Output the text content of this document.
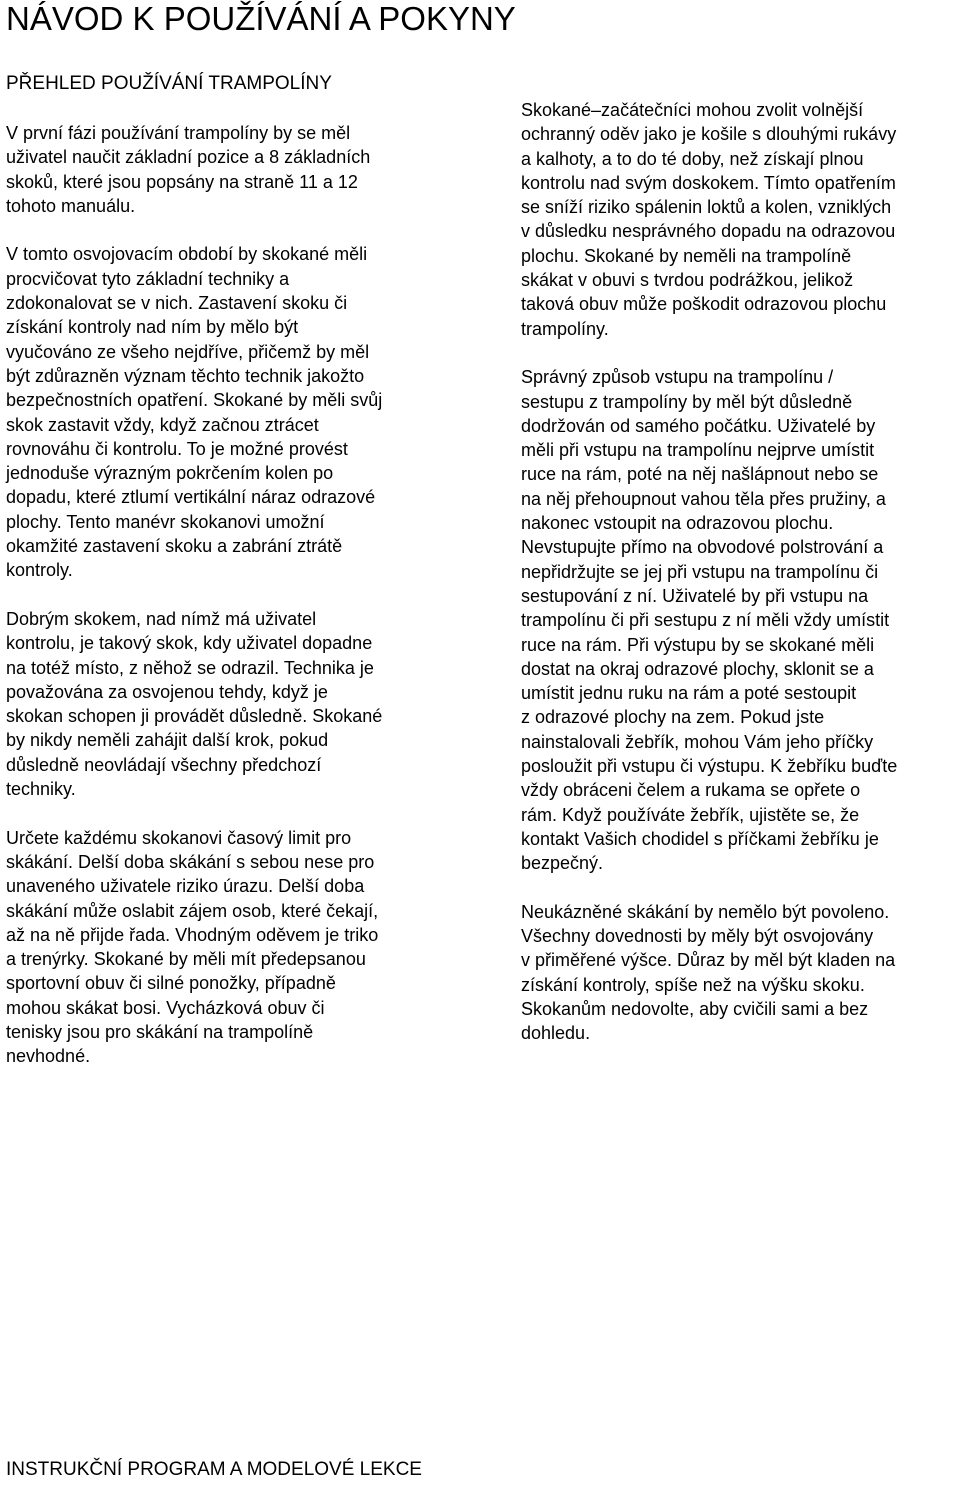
NÁVOD K POUŽÍVÁNÍ A POKYNY
PŘEHLED POUŽÍVÁNÍ TRAMPOLÍNY
V první fázi používání trampolíny by se měl
uživatel naučit základní pozice a 8 základních
skoků, které jsou popsány na straně 11 a 12
tohoto manuálu.
V tomto osvojovacím období by skokané měli
procvičovat tyto základní techniky a
zdokonalovat se v nich. Zastavení skoku či
získání kontroly nad ním by mělo být
vyučováno ze všeho nejdříve, přičemž by měl
být zdůrazněn význam těchto technik jakožto
bezpečnostních opatření. Skokané by měli svůj
skok zastavit vždy, když začnou ztrácet
rovnováhu či kontrolu. To je možné provést
jednoduše výrazným pokrčením kolen po
dopadu, které ztlumí vertikální náraz odrazové
plochy. Tento manévr skokanovi umožní
okamžité zastavení skoku a zabrání ztrátě
kontroly.
Dobrým skokem, nad nímž má uživatel
kontrolu, je takový skok, kdy uživatel dopadne
na totéž místo, z něhož se odrazil. Technika je
považována za osvojenou tehdy, když je
skokan schopen ji provádět důsledně. Skokané
by nikdy neměli zahájit další krok, pokud
důsledně neovládají všechny předchozí
techniky.
Určete každému skokanovi časový limit pro
skákání. Delší doba skákání s sebou nese pro
unaveného uživatele riziko úrazu. Delší doba
skákání může oslabit zájem osob, které čekají,
až na ně přijde řada. Vhodným oděvem je triko
a trenýrky. Skokané by měli mít předepsanou
sportovní obuv či silné ponožky, případně
mohou skákat bosi. Vycházková obuv či
tenisky jsou pro skákání na trampolíně
nevhodné.
Skokané–začátečníci mohou zvolit volnější
ochranný oděv jako je košile s dlouhými rukávy
a kalhoty, a to do té doby, než získají plnou
kontrolu nad svým doskokem. Tímto opatřením
se sníží riziko spálenin loktů a kolen, vzniklých
v důsledku nesprávného dopadu na odrazovou
plochu. Skokané by neměli na trampolíně
skákat v obuvi s tvrdou podrážkou, jelikož
taková obuv může poškodit odrazovou plochu
trampolíny.
Správný způsob vstupu na trampolínu /
sestupu z trampolíny by měl být důsledně
dodržován od samého počátku. Uživatelé by
měli při vstupu na trampolínu nejprve umístit
ruce na rám, poté na něj našlápnout nebo se
na něj přehoupnout vahou těla přes pružiny, a
nakonec vstoupit na odrazovou plochu.
Nevstupujte přímo na obvodové polstrování a
nepřidržujte se jej při vstupu na trampolínu či
sestupování z ní. Uživatelé by při vstupu na
trampolínu či při sestupu z ní měli vždy umístit
ruce na rám. Při výstupu by se skokané měli
dostat na okraj odrazové plochy, sklonit se a
umístit jednu ruku na rám a poté sestoupit
z odrazové plochy na zem. Pokud jste
nainstalovali žebřík, mohou Vám jeho příčky
posloužit při vstupu či výstupu. K žebříku buďte
vždy obráceni čelem a rukama se opřete o
rám. Když používáte žebřík, ujistěte se, že
kontakt Vašich chodidel s příčkami žebříku je
bezpečný.
Neukázněné skákání by nemělo být povoleno.
Všechny dovednosti by měly být osvojovány
v přiměřené výšce. Důraz by měl být kladen na
získání kontroly, spíše než na výšku skoku.
Skokanům nedovolte, aby cvičili sami a bez
dohledu.
INSTRUKČNÍ PROGRAM A MODELOVÉ LEKCE
